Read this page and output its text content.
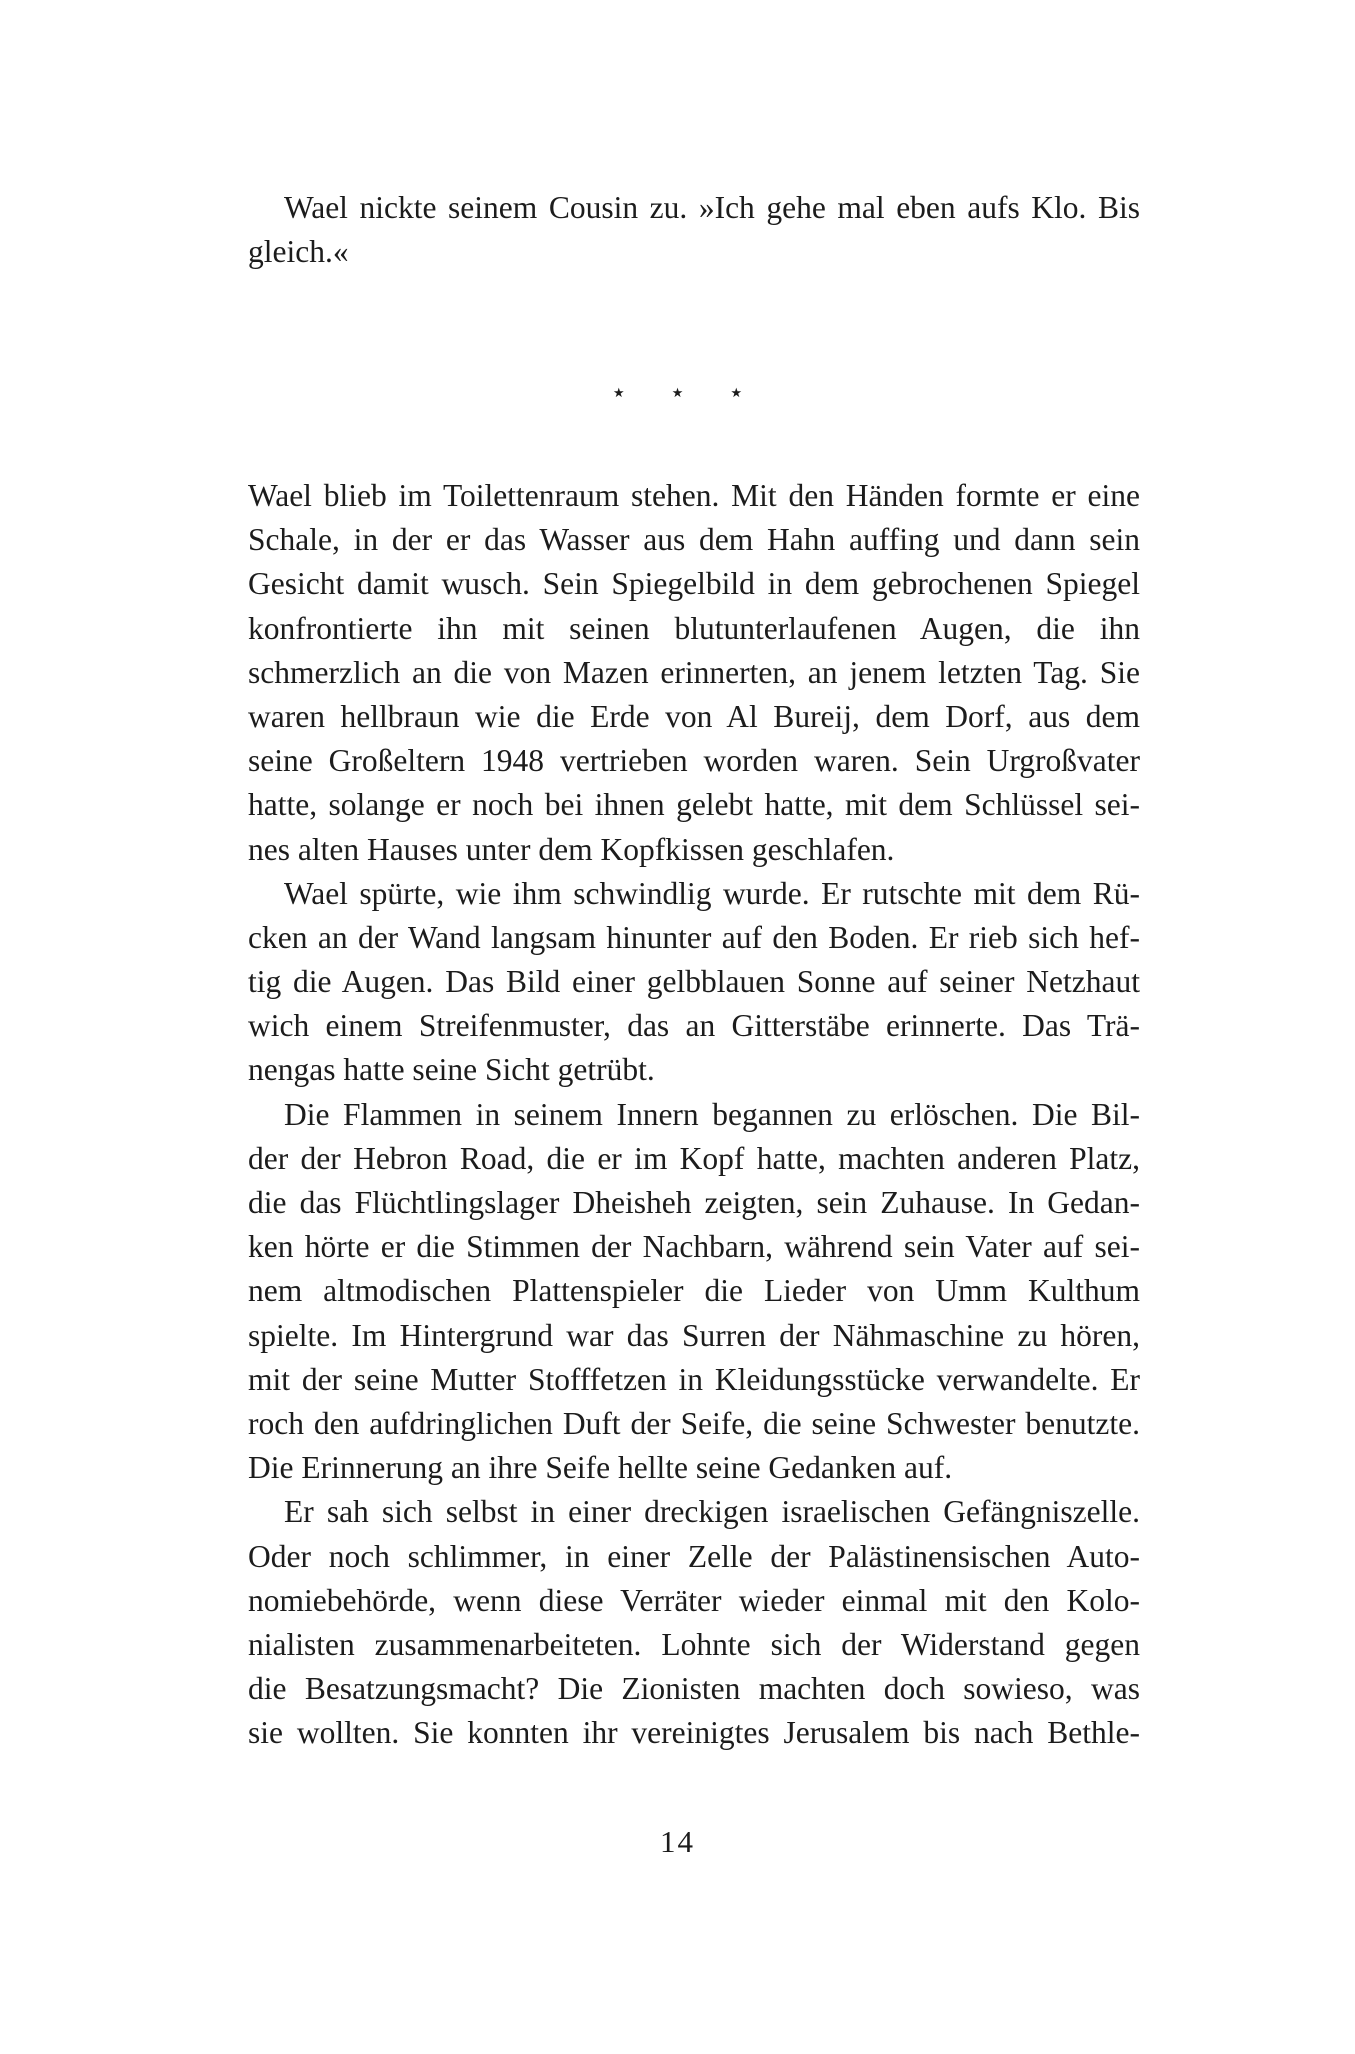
Wael nickte seinem Cousin zu. »Ich gehe mal eben aufs Klo. Bis
gleich.«
⋆ ⋆ ⋆
Wael blieb im Toilettenraum stehen. Mit den Händen formte er eine
Schale, in der er das Wasser aus dem Hahn auffing und dann sein
Gesicht damit wusch. Sein Spiegelbild in dem gebrochenen Spiegel
konfrontierte ihn mit seinen blutunterlaufenen Augen, die ihn
schmerzlich an die von Mazen erinnerten, an jenem letzten Tag. Sie
waren hellbraun wie die Erde von Al Bureij, dem Dorf, aus dem
seine Großeltern 1948 vertrieben worden waren. Sein Urgroßvater
hatte, solange er noch bei ihnen gelebt hatte, mit dem Schlüssel sei-
nes alten Hauses unter dem Kopfkissen geschlafen.
Wael spürte, wie ihm schwindlig wurde. Er rutschte mit dem Rü-
cken an der Wand langsam hinunter auf den Boden. Er rieb sich hef-
tig die Augen. Das Bild einer gelbblauen Sonne auf seiner Netzhaut
wich einem Streifenmuster, das an Gitterstäbe erinnerte. Das Trä-
nengas hatte seine Sicht getrübt.
Die Flammen in seinem Innern begannen zu erlöschen. Die Bil-
der der Hebron Road, die er im Kopf hatte, machten anderen Platz,
die das Flüchtlingslager Dheisheh zeigten, sein Zuhause. In Gedan-
ken hörte er die Stimmen der Nachbarn, während sein Vater auf sei-
nem altmodischen Plattenspieler die Lieder von Umm Kulthum
spielte. Im Hintergrund war das Surren der Nähmaschine zu hören,
mit der seine Mutter Stofffetzen in Kleidungsstücke verwandelte. Er
roch den aufdringlichen Duft der Seife, die seine Schwester benutzte.
Die Erinnerung an ihre Seife hellte seine Gedanken auf.
Er sah sich selbst in einer dreckigen israelischen Gefängniszelle.
Oder noch schlimmer, in einer Zelle der Palästinensischen Auto-
nomiebehörde, wenn diese Verräter wieder einmal mit den Kolo-
nialisten zusammenarbeiteten. Lohnte sich der Widerstand gegen
die Besatzungsmacht? Die Zionisten machten doch sowieso, was
sie wollten. Sie konnten ihr vereinigtes Jerusalem bis nach Bethle-
14
